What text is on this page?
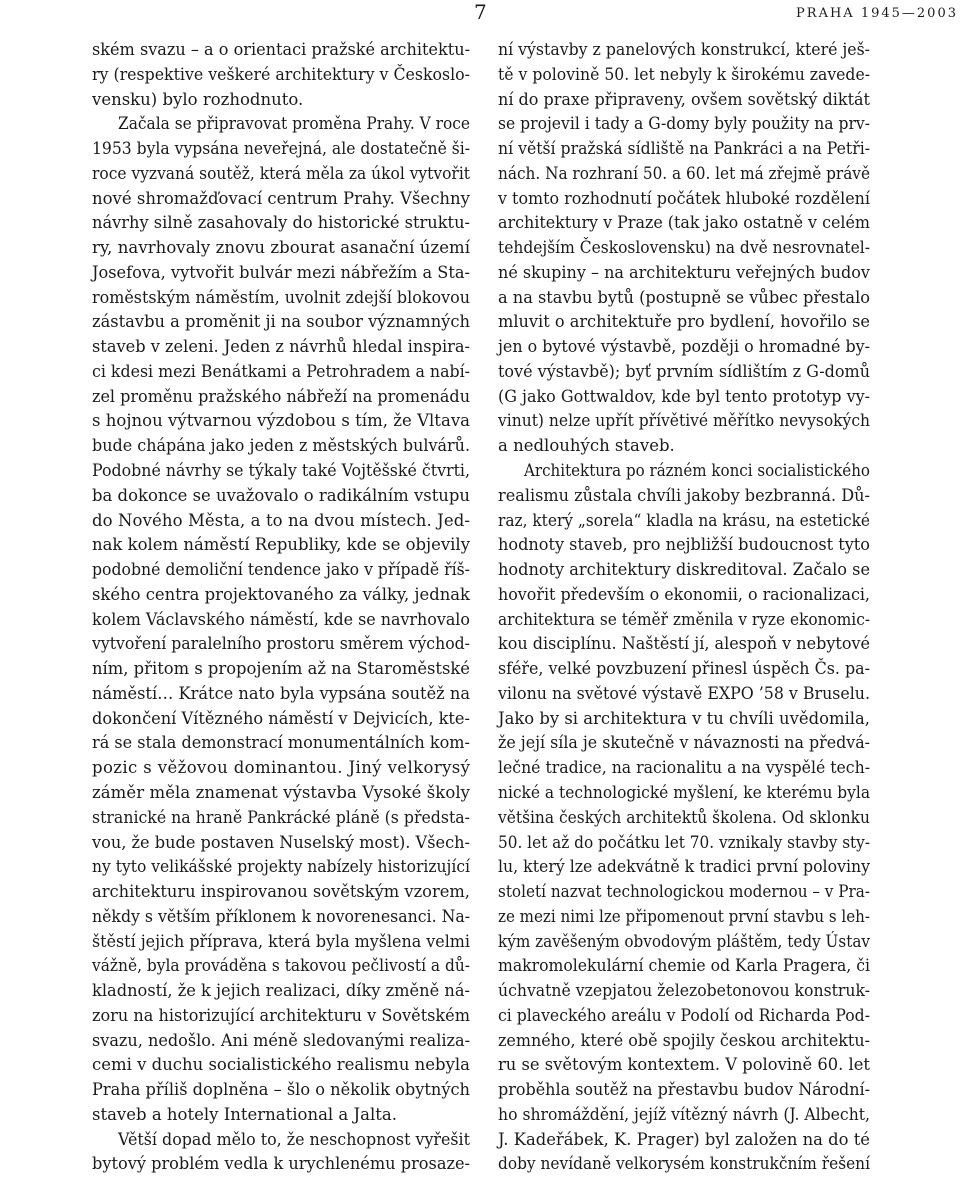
7	PRAHA 1945—2003
ském svazu – a o orientaci pražské architektu-
ry (respektive veškeré architektury v Českoslo-
vensku) bylo rozhodnuto.
Začala se připravovat proměna Prahy. V roce
1953 byla vypsána neveřejná, ale dostatečně ši-
roce vyzvaná soutěž, která měla za úkol vytvořit
nové shromažďovací centrum Prahy. Všechny
návrhy silně zasahovaly do historické struktu-
ry, navrhovaly znovu zbourat asanační území
Josefova, vytvořit bulvár mezi nábřežím a Sta-
roměstským náměstím, uvolnit zdejší blokovou
zástavbu a proměnit ji na soubor významných
staveb v zeleni. Jeden z návrhů hledal inspira-
ci kdesi mezi Benátkami a Petrohradem a nabí-
zel proměnu pražského nábřeží na promenádu
s hojnou výtvarnou výzdobou s tím, že Vltava
bude chápána jako jeden z městských bulvárů.
Podobné návrhy se týkaly také Vojtěšské čtvrti,
ba dokonce se uvažovalo o radikálním vstupu
do Nového Města, a to na dvou místech. Jed-
nak kolem náměstí Republiky, kde se objevily
podobné demoliční tendence jako v případě říš-
ského centra projektovaného za války, jednak
kolem Václavského náměstí, kde se navrhovalo
vytvoření paralelního prostoru směrem východ-
ním, přitom s propojením až na Staroměstské
náměstí… Krátce nato byla vypsána soutěž na
dokončení Vítězného náměstí v Dejvicích, kte-
rá se stala demonstrací monumentálních kom-
pozic s věžovou dominantou. Jiný velkorysý
záměr měla znamenat výstavba Vysoké školy
stranické na hraně Pankrácké pláně (s předsta-
vou, že bude postaven Nuselský most). Všech-
ny tyto velikášské projekty nabízely historizující
architekturu inspirovanou sovětským vzorem,
někdy s větším příklonem k novorenesanci. Na-
štěstí jejich příprava, která byla myšlena velmi
vážně, byla prováděna s takovou pečlivostí a dů-
kladností, že k jejich realizaci, díky změně ná-
zoru na historizující architekturu v Sovětském
svazu, nedošlo. Ani méně sledovanými realiza-
cemi v duchu socialistického realismu nebyla
Praha příliš doplněna – šlo o několik obytných
staveb a hotely International a Jalta.
Větší dopad mělo to, že neschopnost vyřešit
bytový problém vedla k urychlenému prosaze-
ní výstavby z panelových konstrukcí, které ješ-
tě v polovině 50. let nebyly k širokému zavede-
ní do praxe připraveny, ovšem sovětský diktát
se projevil i tady a G-domy byly použity na prv-
ní větší pražská sídliště na Pankráci a na Petři-
nách. Na rozhraní 50. a 60. let má zřejmě právě
v tomto rozhodnutí počátek hluboké rozdělení
architektury v Praze (tak jako ostatně v celém
tehdejším Československu) na dvě nesrovnatel-
né skupiny – na architekturu veřejných budov
a na stavbu bytů (postupně se vůbec přestalo
mluvit o architektuře pro bydlení, hovořilo se
jen o bytové výstavbě, později o hromadné by-
tové výstavbě); byť prvním sídlištím z G-domů
(G jako Gottwaldov, kde byl tento prototyp vy-
vinut) nelze upřít přívětivé měřítko nevysokých
a nedlouhých staveb.
Architektura po rázném konci socialistického
realismu zůstala chvíli jakoby bezbranná. Dů-
raz, který „sorela“ kladla na krásu, na estetické
hodnoty staveb, pro nejbližší budoucnost tyto
hodnoty architektury diskreditoval. Začalo se
hovořit především o ekonomii, o racionalizaci,
architektura se téměř změnila v ryze ekonomic-
kou disciplínu. Naštěstí jí, alespoň v nebytové
sféře, velké povzbuzení přinesl úspěch Čs. pa-
vilonu na světové výstavě EXPO ’58 v Bruselu.
Jako by si architektura v tu chvíli uvědomila,
že její síla je skutečně v návaznosti na předvá-
lečné tradice, na racionalitu a na vyspělé tech-
nické a technologické myšlení, ke kterému byla
většina českých architektů školena. Od sklonku
50. let až do počátku let 70. vznikaly stavby sty-
lu, který lze adekvátně k tradici první poloviny
století nazvat technologickou modernou – v Pra-
ze mezi nimi lze připomenout první stavbu s leh-
kým zavěšeným obvodovým pláštěm, tedy Ústav
makromolekulární chemie od Karla Pragera, či
úchvatně vzepjatou železobetonovou konstruk-
ci plaveckého areálu v Podolí od Richarda Pod-
zemného, které obě spojily českou architektu-
ru se světovým kontextem. V polovině 60. let
proběhla soutěž na přestavbu budov Národní-
ho shromáždění, jejíž vítězný návrh (J. Albecht,
J. Kadeřábek, K. Prager) byl založen na do té
doby nevídaně velkorysém konstrukčním řešení
